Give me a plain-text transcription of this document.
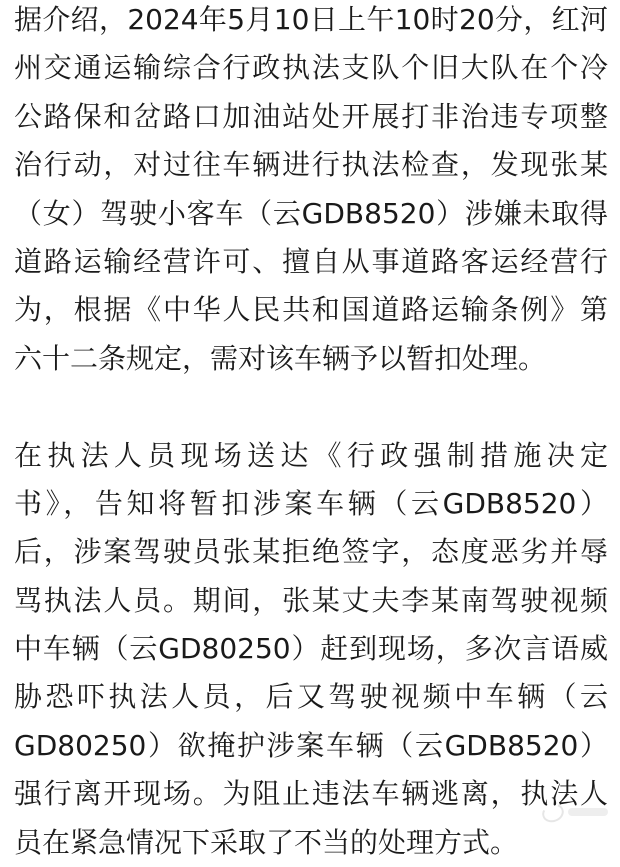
据介绍，2024年5月10日上午10时20分，红河
州交通运输综合行政执法支队个旧大队在个冷
公路保和岔路口加油站处开展打非治违专项整
治行动，对过往车辆进行执法检查，发现张某
（女）驾驶小客车（云GDB8520）涉嫌未取得
道路运输经营许可、擅自从事道路客运经营行
为，根据《中华人民共和国道路运输条例》第
六十二条规定，需对该车辆予以暂扣处理。
在执法人员现场送达《行政强制措施决定
书》，告知将暂扣涉案车辆（云GDB8520）
后，涉案驾驶员张某拒绝签字，态度恶劣并辱
骂执法人员。期间，张某丈夫李某南驾驶视频
中车辆（云GD80250）赶到现场，多次言语威
胁恐吓执法人员，后又驾驶视频中车辆（云
GD80250）欲掩护涉案车辆（云GDB8520）
强行离开现场。为阻止违法车辆逃离，执法人
员在紧急情况下采取了不当的处理方式。
